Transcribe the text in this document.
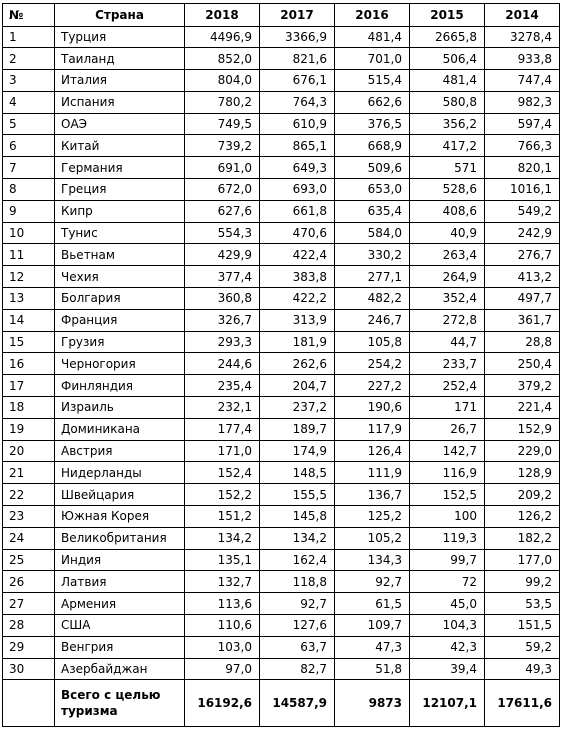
№	Страна	2018	2017	2016	2015	2014
1	Турция	4496,9	3366,9	481,4	2665,8	3278,4
2	Таиланд	852,0	821,6	701,0	506,4	933,8
3	Италия	804,0	676,1	515,4	481,4	747,4
4	Испания	780,2	764,3	662,6	580,8	982,3
5	ОАЭ	749,5	610,9	376,5	356,2	597,4
6	Китай	739,2	865,1	668,9	417,2	766,3
7	Германия	691,0	649,3	509,6	571	820,1
8	Греция	672,0	693,0	653,0	528,6	1016,1
9	Кипр	627,6	661,8	635,4	408,6	549,2
10	Тунис	554,3	470,6	584,0	40,9	242,9
11	Вьетнам	429,9	422,4	330,2	263,4	276,7
12	Чехия	377,4	383,8	277,1	264,9	413,2
13	Болгария	360,8	422,2	482,2	352,4	497,7
14	Франция	326,7	313,9	246,7	272,8	361,7
15	Грузия	293,3	181,9	105,8	44,7	28,8
16	Черногория	244,6	262,6	254,2	233,7	250,4
17	Финляндия	235,4	204,7	227,2	252,4	379,2
18	Израиль	232,1	237,2	190,6	171	221,4
19	Доминикана	177,4	189,7	117,9	26,7	152,9
20	Австрия	171,0	174,9	126,4	142,7	229,0
21	Нидерланды	152,4	148,5	111,9	116,9	128,9
22	Швейцария	152,2	155,5	136,7	152,5	209,2
23	Южная Корея	151,2	145,8	125,2	100	126,2
24	Великобритания	134,2	134,2	105,2	119,3	182,2
25	Индия	135,1	162,4	134,3	99,7	177,0
26	Латвия	132,7	118,8	92,7	72	99,2
27	Армения	113,6	92,7	61,5	45,0	53,5
28	США	110,6	127,6	109,7	104,3	151,5
29	Венгрия	103,0	63,7	47,3	42,3	59,2
30	Азербайджан	97,0	82,7	51,8	39,4	49,3
	Всего с целью туризма	16192,6	14587,9	9873	12107,1	17611,6
